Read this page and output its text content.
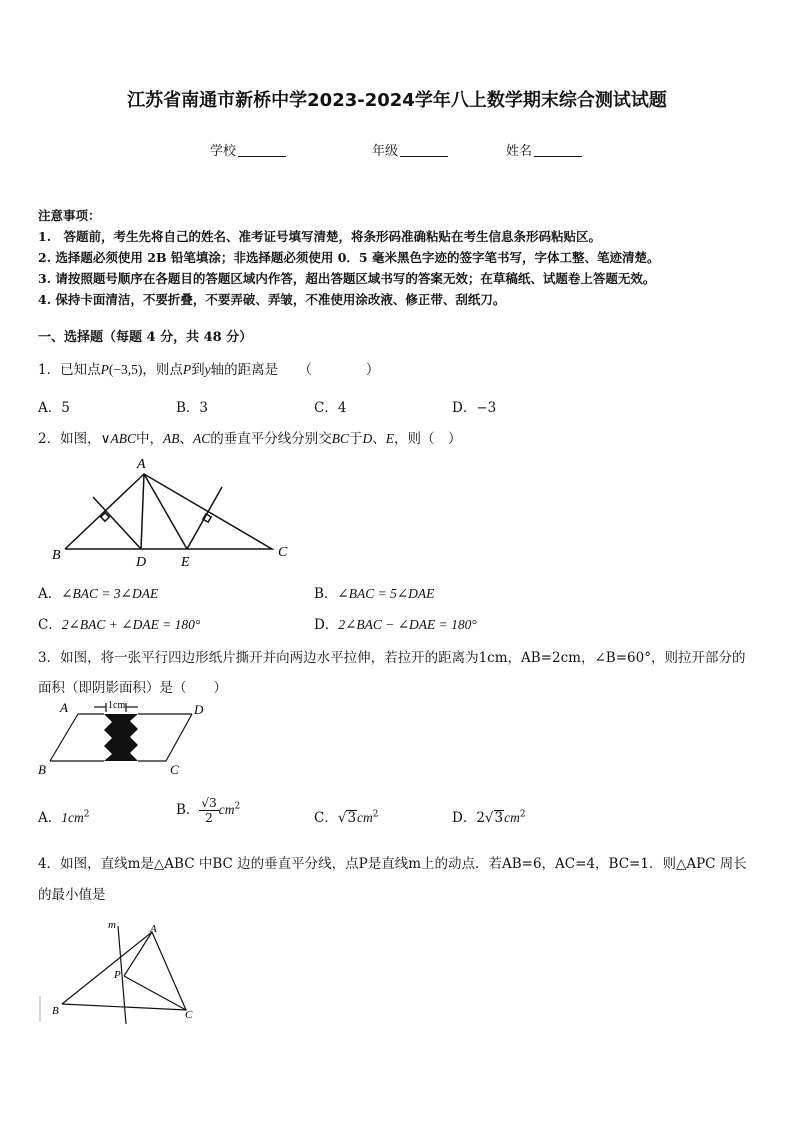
江苏省南通市新桥中学2023-2024学年八上数学期末综合测试试题
学校	年级	姓名
注意事项：
1.　答题前，考生先将自己的姓名、准考证号填写清楚，将条形码准确粘贴在考生信息条形码粘贴区。
2. 选择题必须使用 2B 铅笔填涂；非选择题必须使用 0．5 毫米黑色字迹的签字笔书写，字体工整、笔迹清楚。
3. 请按照题号顺序在各题目的答题区域内作答，超出答题区域书写的答案无效；在草稿纸、试题卷上答题无效。
4. 保持卡面清洁，不要折叠，不要弄破、弄皱，不准使用涂改液、修正带、刮纸刀。
一、选择题（每题 4 分，共 48 分）
1．已知点P(−3,5)，则点P到y轴的距离是　　（　　　　）
A．5	B．3	C．4	D．−3
2．如图，∨ABC中，AB、AC的垂直平分线分别交BC于D、E，则（　）
A
B	C
D E
A．∠BAC = 3∠DAE	B．∠BAC = 5∠DAE
C．2∠BAC + ∠DAE = 180°	D．2∠BAC − ∠DAE = 180°
3．如图，将一张平行四边形纸片撕开并向两边水平拉伸，若拉开的距离为1cm，AB=2cm，∠B=60°，则拉开部分的
面积（即阴影面积）是（　　）
1cm
A	D
B	C
A．$1cm^2$	B． $\frac{√3}{2} cm^2$
C．$√3cm^2$	D．$2√3cm^2$
4．如图，直线m是△ABC 中BC 边的垂直平分线，点P是直线m上的动点．若AB=6，AC=4，BC=1．则△APC 周长
的最小值是
m	A
P
B	C
